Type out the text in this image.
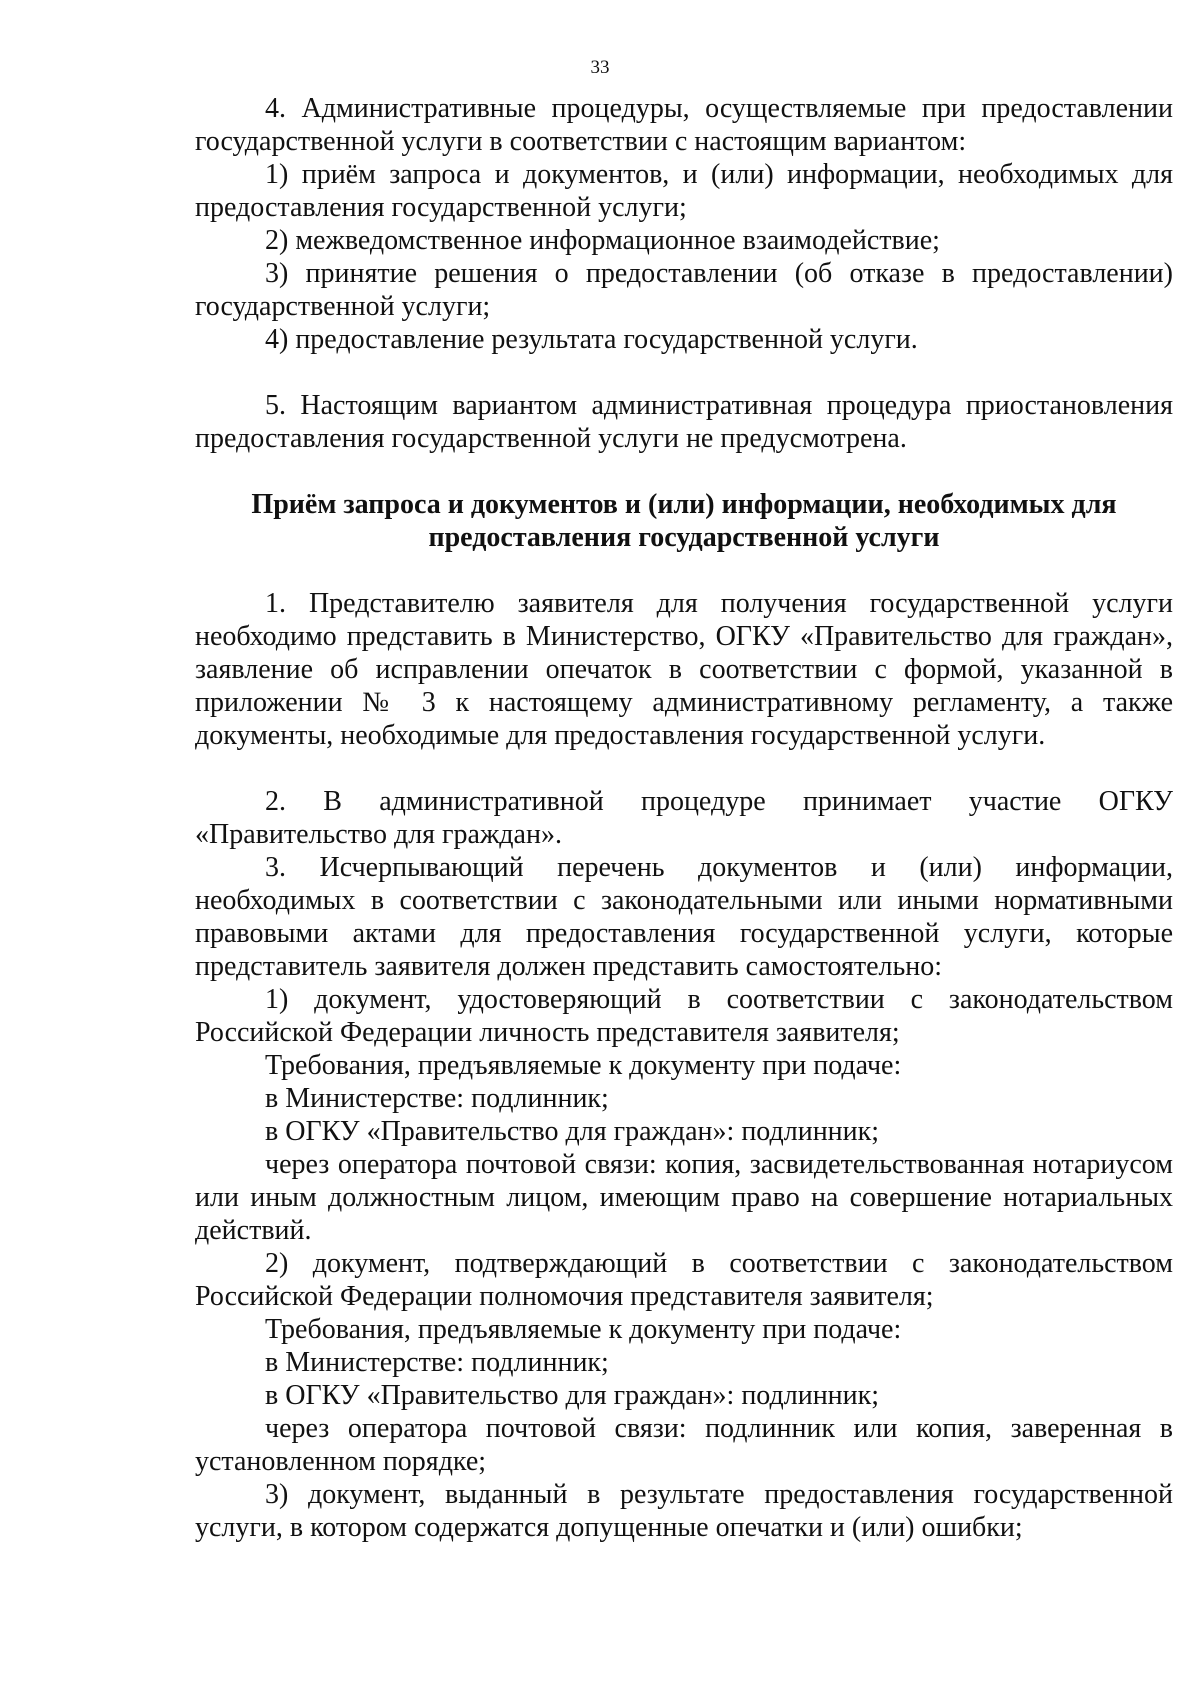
33

4. Административные процедуры, осуществляемые при предоставлении государственной услуги в соответствии с настоящим вариантом:

1) приём запроса и документов, и (или) информации, необходимых для предоставления государственной услуги;

2) межведомственное информационное взаимодействие;

3) принятие решения о предоставлении (об отказе в предоставлении) государственной услуги;

4) предоставление результата государственной услуги.

5. Настоящим вариантом административная процедура приостановления предоставления государственной услуги не предусмотрена.

Приём запроса и документов и (или) информации, необходимых для
предоставления государственной услуги

1. Представителю заявителя для получения государственной услуги необходимо представить в Министерство, ОГКУ «Правительство для граждан», заявление об исправлении опечаток в соответствии с формой, указанной в приложении № 3 к настоящему административному регламенту, а также документы, необходимые для предоставления государственной услуги.

2. В административной процедуре принимает участие ОГКУ «Правительство для граждан».

3. Исчерпывающий перечень документов и (или) информации, необходимых в соответствии с законодательными или иными нормативными правовыми актами для предоставления государственной услуги, которые представитель заявителя должен представить самостоятельно:

1) документ, удостоверяющий в соответствии с законодательством Российской Федерации личность представителя заявителя;

Требования, предъявляемые к документу при подаче:

в Министерстве: подлинник;

в ОГКУ «Правительство для граждан»: подлинник;

через оператора почтовой связи: копия, засвидетельствованная нотариусом или иным должностным лицом, имеющим право на совершение нотариальных действий.

2) документ, подтверждающий в соответствии с законодательством Российской Федерации полномочия представителя заявителя;

Требования, предъявляемые к документу при подаче:

в Министерстве: подлинник;

в ОГКУ «Правительство для граждан»: подлинник;

через оператора почтовой связи: подлинник или копия, заверенная в установленном порядке;

3) документ, выданный в результате предоставления государственной услуги, в котором содержатся допущенные опечатки и (или) ошибки;
